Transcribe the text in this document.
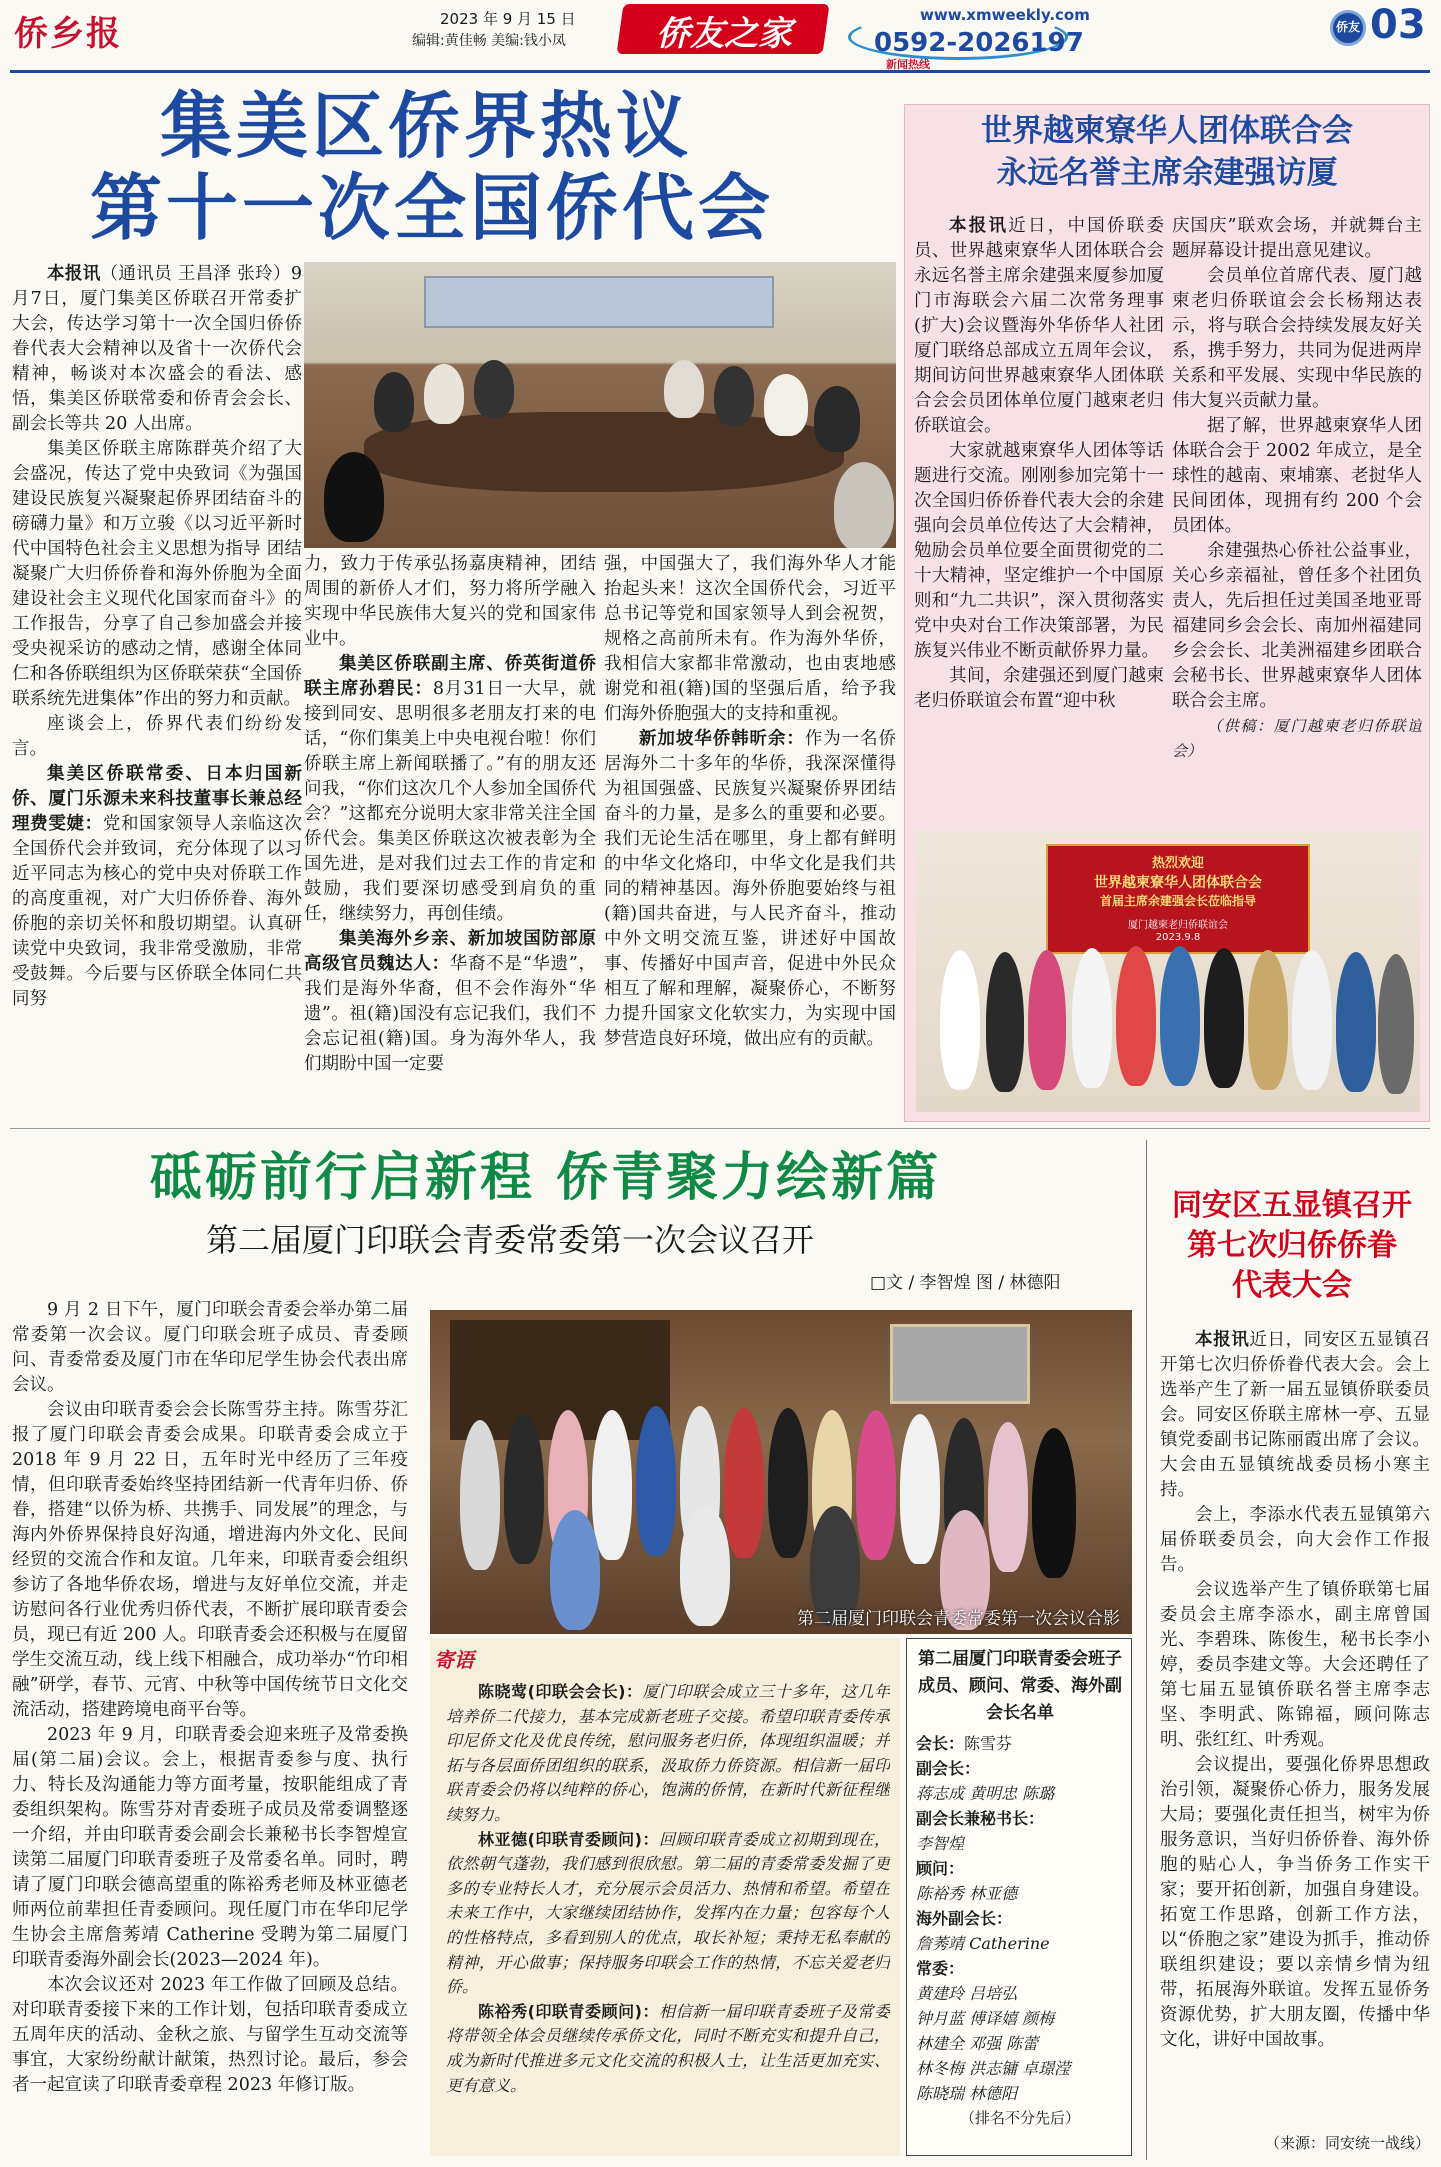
侨乡报	2023 年 9 月 15 日
编辑:黄佳畅 美编:钱小凤	侨友之家	www.xmweekly.com
0592-2026197
新闻热线
侨友 03
集美区侨界热议
第十一次全国侨代会

本报讯（通讯员 王昌泽 张玲）9月7日，厦门集美区侨联召开常委扩大会，传达学习第十一次全国归侨侨眷代表大会精神以及省十一次侨代会精神，畅谈对本次盛会的看法、感悟，集美区侨联常委和侨青会会长、副会长等共 20 人出席。

集美区侨联主席陈群英介绍了大会盛况，传达了党中央致词《为强国建设民族复兴凝聚起侨界团结奋斗的磅礴力量》和万立骏《以习近平新时代中国特色社会主义思想为指导 团结凝聚广大归侨侨眷和海外侨胞为全面建设社会主义现代化国家而奋斗》的工作报告，分享了自己参加盛会并接受央视采访的感动之情，感谢全体同仁和各侨联组织为区侨联荣获“全国侨联系统先进集体”作出的努力和贡献。

座谈会上，侨界代表们纷纷发言。

集美区侨联常委、日本归国新侨、厦门乐源未来科技董事长兼总经理费雯婕：党和国家领导人亲临这次全国侨代会并致词，充分体现了以习近平同志为核心的党中央对侨联工作的高度重视，对广大归侨侨眷、海外侨胞的亲切关怀和殷切期望。认真研读党中央致词，我非常受激励，非常受鼓舞。今后要与区侨联全体同仁共同努

力，致力于传承弘扬嘉庚精神，团结周围的新侨人才们，努力将所学融入实现中华民族伟大复兴的党和国家伟业中。

集美区侨联副主席、侨英街道侨联主席孙碧民：8月31日一大早，就接到同安、思明很多老朋友打来的电话，“你们集美上中央电视台啦！你们侨联主席上新闻联播了。”有的朋友还问我，“你们这次几个人参加全国侨代会？”这都充分说明大家非常关注全国侨代会。集美区侨联这次被表彰为全国先进，是对我们过去工作的肯定和鼓励，我们要深切感受到肩负的重任，继续努力，再创佳绩。

集美海外乡亲、新加坡国防部原高级官员魏达人：华裔不是“华遗”，我们是海外华裔，但不会作海外“华遗”。祖(籍)国没有忘记我们，我们不会忘记祖(籍)国。身为海外华人，我们期盼中国一定要

强，中国强大了，我们海外华人才能抬起头来！这次全国侨代会，习近平总书记等党和国家领导人到会祝贺，规格之高前所未有。作为海外华侨，我相信大家都非常激动，也由衷地感谢党和祖(籍)国的坚强后盾，给予我们海外侨胞强大的支持和重视。

新加坡华侨韩昕余：作为一名侨居海外二十多年的华侨，我深深懂得为祖国强盛、民族复兴凝聚侨界团结奋斗的力量，是多么的重要和必要。我们无论生活在哪里，身上都有鲜明的中华文化烙印，中华文化是我们共同的精神基因。海外侨胞要始终与祖(籍)国共奋进，与人民齐奋斗，推动中外文明交流互鉴，讲述好中国故事、传播好中国声音，促进中外民众相互了解和理解，凝聚侨心，不断努力提升国家文化软实力，为实现中国梦营造良好环境，做出应有的贡献。

世界越柬寮华人团体联合会
永远名誉主席余建强访厦

本报讯近日，中国侨联委员、世界越柬寮华人团体联合会永远名誉主席余建强来厦参加厦门市海联会六届二次常务理事(扩大)会议暨海外华侨华人社团厦门联络总部成立五周年会议，期间访问世界越柬寮华人团体联合会会员团体单位厦门越柬老归侨联谊会。

大家就越柬寮华人团体等话题进行交流。刚刚参加完第十一次全国归侨侨眷代表大会的余建强向会员单位传达了大会精神，勉励会员单位要全面贯彻党的二十大精神，坚定维护一个中国原则和“九二共识”，深入贯彻落实党中央对台工作决策部署，为民族复兴伟业不断贡献侨界力量。

其间，余建强还到厦门越柬老归侨联谊会布置“迎中秋

庆国庆”联欢会场，并就舞台主题屏幕设计提出意见建议。

会员单位首席代表、厦门越柬老归侨联谊会会长杨翔达表示，将与联合会持续发展友好关系，携手努力，共同为促进两岸关系和平发展、实现中华民族的伟大复兴贡献力量。

据了解，世界越柬寮华人团体联合会于 2002 年成立，是全球性的越南、柬埔寨、老挝华人民间团体，现拥有约 200 个会员团体。

余建强热心侨社公益事业，关心乡亲福祉，曾任多个社团负责人，先后担任过美国圣地亚哥福建同乡会会长、南加州福建同乡会会长、北美洲福建乡团联合会秘书长、世界越柬寮华人团体联合会主席。

（供稿：厦门越柬老归侨联谊会）

热烈欢迎
世界越柬寮华人团体联合会
首届主席余建强会长莅临指导
厦门越柬老归侨联谊会
2023.9.8
砥砺前行启新程 侨青聚力绘新篇
第二届厦门印联会青委常委第一次会议召开
□文 / 李智煌 图 / 林德阳

9 月 2 日下午，厦门印联会青委会举办第二届常委第一次会议。厦门印联会班子成员、青委顾问、青委常委及厦门市在华印尼学生协会代表出席会议。

会议由印联青委会会长陈雪芬主持。陈雪芬汇报了厦门印联会青委会成果。印联青委会成立于 2018 年 9 月 22 日，五年时光中经历了三年疫情，但印联青委始终坚持团结新一代青年归侨、侨眷，搭建“以侨为桥、共携手、同发展”的理念，与海内外侨界保持良好沟通，增进海内外文化、民间经贸的交流合作和友谊。几年来，印联青委会组织参访了各地华侨农场，增进与友好单位交流，并走访慰问各行业优秀归侨代表，不断扩展印联青委会员，现已有近 200 人。印联青委会还积极与在厦留学生交流互动，线上线下相融合，成功举办“竹印相融”研学，春节、元宵、中秋等中国传统节日文化交流活动，搭建跨境电商平台等。

2023 年 9 月，印联青委会迎来班子及常委换届(第二届)会议。会上，根据青委参与度、执行力、特长及沟通能力等方面考量，按职能组成了青委组织架构。陈雪芬对青委班子成员及常委调整逐一介绍，并由印联青委会副会长兼秘书长李智煌宣读第二届厦门印联青委班子及常委名单。同时，聘请了厦门印联会德高望重的陈裕秀老师及林亚德老师两位前辈担任青委顾问。现任厦门市在华印尼学生协会主席詹莠靖 Catherine 受聘为第二届厦门印联青委海外副会长(2023—2024 年)。

本次会议还对 2023 年工作做了回顾及总结。对印联青委接下来的工作计划，包括印联青委成立五周年庆的活动、金秋之旅、与留学生互动交流等事宜，大家纷纷献计献策，热烈讨论。最后，参会者一起宣读了印联青委章程 2023 年修订版。

第二届厦门印联会青委常委第一次会议合影
寄语

陈晓莺(印联会会长)：厦门印联会成立三十多年，这几年培养侨二代接力，基本完成新老班子交接。希望印联青委传承印尼侨文化及优良传统，慰问服务老归侨，体现组织温暖；并拓与各层面侨团组织的联系，汲取侨力侨资源。相信新一届印联青委会仍将以纯粹的侨心，饱满的侨情，在新时代新征程继续努力。

林亚德(印联青委顾问)：回顾印联青委成立初期到现在，依然朝气蓬勃，我们感到很欣慰。第二届的青委常委发掘了更多的专业特长人才，充分展示会员活力、热情和希望。希望在未来工作中，大家继续团结协作，发挥内在力量；包容每个人的性格特点，多看到别人的优点，取长补短；秉持无私奉献的精神，开心做事；保持服务印联会工作的热情，不忘关爱老归侨。

陈裕秀(印联青委顾问)：相信新一届印联青委班子及常委将带领全体会员继续传承侨文化，同时不断充实和提升自己，成为新时代推进多元文化交流的积极人士，让生活更加充实、更有意义。

第二届厦门印联青委会班子成员、顾问、常委、海外副会长名单
会长：陈雪芬
副会长：
蒋志成 黄明忠 陈璐
副会长兼秘书长：
李智煌
顾问：
陈裕秀 林亚德
海外副会长：
詹莠靖 Catherine
常委：
黄建玲 吕培弘
钟月蓝 傅译嬉 颜梅
林建全 邓强 陈蕾
林冬梅 洪志镛 卓璟滢
陈晓瑞 林德阳
（排名不分先后）
同安区五显镇召开
第七次归侨侨眷
代表大会

本报讯近日，同安区五显镇召开第七次归侨侨眷代表大会。会上选举产生了新一届五显镇侨联委员会。同安区侨联主席林一亭、五显镇党委副书记陈丽霞出席了会议。大会由五显镇统战委员杨小寒主持。

会上，李添水代表五显镇第六届侨联委员会，向大会作工作报告。

会议选举产生了镇侨联第七届委员会主席李添水，副主席曾国光、李碧珠、陈俊生，秘书长李小婷，委员李建文等。大会还聘任了第七届五显镇侨联名誉主席李志坚、李明武、陈锦福，顾问陈志明、张红红、叶秀观。

会议提出，要强化侨界思想政治引领，凝聚侨心侨力，服务发展大局；要强化责任担当，树牢为侨服务意识，当好归侨侨眷、海外侨胞的贴心人，争当侨务工作实干家；要开拓创新，加强自身建设。拓宽工作思路，创新工作方法，以“侨胞之家”建设为抓手，推动侨联组织建设；要以亲情乡情为纽带，拓展海外联谊。发挥五显侨务资源优势，扩大朋友圈，传播中华文化，讲好中国故事。

（来源：同安统一战线）
